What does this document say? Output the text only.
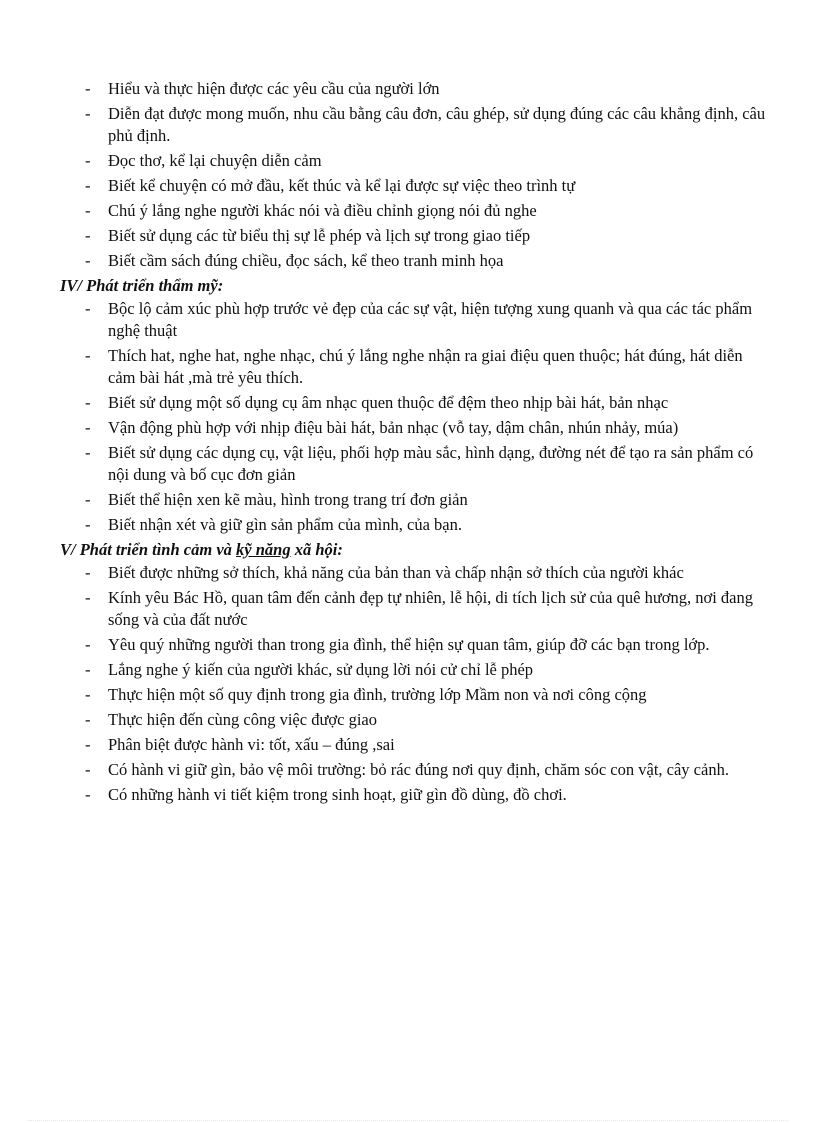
- Hiểu và thực hiện được các yêu cầu của người lớn
- Diễn đạt được mong muốn, nhu cầu bằng câu đơn, câu ghép, sử dụng đúng các câu khẳng định, câu phủ định.
- Đọc thơ, kể lại chuyện diễn cảm
- Biết kể chuyện có mở đầu, kết thúc và kể lại được sự việc theo trình tự
- Chú ý lắng nghe người khác nói và điều chỉnh giọng nói đủ nghe
- Biết sử dụng các từ biểu thị sự lễ phép và lịch sự trong giao tiếp
- Biết cầm sách đúng chiều, đọc sách, kể theo tranh minh họa
IV/ Phát triển thẩm mỹ:
- Bộc lộ cảm xúc phù hợp trước vẻ đẹp của các sự vật, hiện tượng xung quanh và qua các tác phẩm nghệ thuật
- Thích hat, nghe hat, nghe nhạc, chú ý lắng nghe nhận ra giai điệu quen thuộc; hát đúng, hát diễn cảm bài hát ,mà trẻ yêu thích.
- Biết sử dụng một số dụng cụ âm nhạc quen thuộc để đệm theo nhịp bài hát, bản nhạc
- Vận động phù hợp với nhịp điệu bài hát, bản nhạc (vỗ tay, dậm chân, nhún nhảy, múa)
- Biết sử dụng các dụng cụ, vật liệu, phối hợp màu sắc, hình dạng, đường nét để tạo ra sản phẩm có nội dung và bố cục đơn giản
- Biết thể hiện xen kẽ màu, hình trong trang trí đơn giản
- Biết nhận xét và giữ gìn sản phẩm của mình, của bạn.
V/ Phát triển tình cảm và kỹ năng xã hội:
- Biết được những sở thích, khả năng của bản than và chấp nhận sở thích của người khác
- Kính yêu Bác Hồ, quan tâm đến cảnh đẹp tự nhiên, lễ hội, di tích lịch sử của quê hương, nơi đang sống và của đất nước
- Yêu quý những người than trong gia đình, thể hiện sự quan tâm, giúp đỡ các bạn trong lớp.
- Lắng nghe ý kiến của người khác, sử dụng lời nói cử chỉ lễ phép
- Thực hiện một số quy định trong gia đình, trường lớp Mầm non và nơi công cộng
- Thực hiện đến cùng công việc được giao
- Phân biệt được hành vi: tốt, xấu – đúng ,sai
- Có hành vi giữ gìn, bảo vệ môi trường: bỏ rác đúng nơi quy định, chăm sóc con vật, cây cảnh.
- Có những hành vi tiết kiệm trong sinh hoạt, giữ gìn đồ dùng, đồ chơi.
